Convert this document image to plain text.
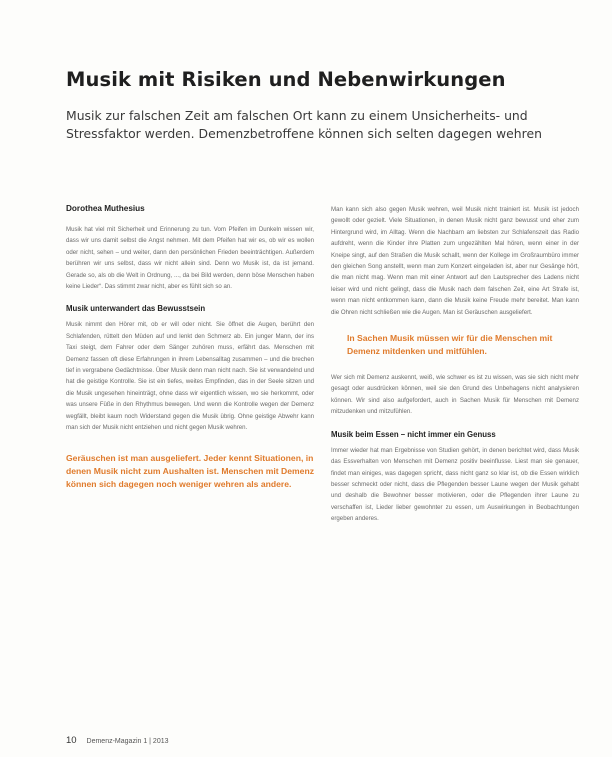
Musik mit Risiken und Nebenwirkungen
Musik zur falschen Zeit am falschen Ort kann zu einem Unsicherheits- und Stressfaktor werden. Demenzbetroffene können sich selten dagegen wehren
Dorothea Muthesius

Musik hat viel mit Sicherheit und Erinnerung zu tun. Vom Pfeifen im Dunkeln wissen wir, dass wir uns damit selbst die Angst nehmen. Mit dem Pfeifen hat wir es, ob wir es wollen oder nicht, sehen – und weiter, dann den persönlichen Frieden beeinträchtigen. Außerdem berühren wir uns selbst, dass wir nicht allein sind. Denn wo Musik ist, da ist jemand. Gerade so, als ob die Welt in Ordnung, ..., da bei Bild werden, denn böse Menschen haben keine Lieder“. Das stimmt zwar nicht, aber es fühlt sich so an.

Musik unterwandert das Bewusstsein

Musik nimmt den Hörer mit, ob er will oder nicht. Sie öffnet die Augen, berührt den Schlafenden, rüttelt den Müden auf und lenkt den Schmerz ab. Ein junger Mann, der ins Taxi steigt, dem Fahrer oder dem Sänger zuhören muss, erfährt das. Menschen mit Demenz fassen oft diese Erfahrungen in ihrem Lebensalltag zusammen – und die brechen tief in vergrabene Gedächtnisse. Über Musik denn man nicht nach. Sie ist verwandelnd und hat die geistige Kontrolle. Sie ist ein tiefes, weites Empfinden, das in der Seele sitzen und die Musik ungesehen hineinträgt, ohne dass wir eigentlich wissen, wo sie herkommt, oder was unsere Füße in den Rhythmus bewegen. Und wenn die Kontrolle wegen der Demenz wegfällt, bleibt kaum noch Widerstand gegen die Musik übrig. Ohne geistige Abwehr kann man sich der Musik nicht entziehen und nicht gegen Musik wehren.

Geräuschen ist man ausgeliefert. Jeder kennt Situationen, in denen Musik nicht zum Aushalten ist. Menschen mit Demenz können sich dagegen noch weniger wehren als andere.

Man kann sich also gegen Musik wehren, weil Musik nicht trainiert ist. Musik ist jedoch gewollt oder gezielt. Viele Situationen, in denen Musik nicht ganz bewusst und eher zum Hintergrund wird, im Alltag. Wenn die Nachbarn am liebsten zur Schlafenszeit das Radio aufdreht, wenn die Kinder ihre Platten zum ungezählten Mal hören, wenn einer in der Kneipe singt, auf den Straßen die Musik schallt, wenn der Kollege im Großraumbüro immer den gleichen Song anstellt, wenn man zum Konzert eingeladen ist, aber nur Gesänge hört, die man nicht mag. Wenn man mit einer Antwort auf den Lautsprecher des Ladens nicht leiser wird und nicht gelingt, dass die Musik nach dem falschen Zeit, eine Art Strafe ist, wenn man nicht entkommen kann, dann die Musik keine Freude mehr bereitet. Man kann die Ohren nicht schließen wie die Augen. Man ist Geräuschen ausgeliefert.

In Sachen Musik müssen wir für die Menschen mit Demenz mitdenken und mitfühlen.

Wer sich mit Demenz auskennt, weiß, wie schwer es ist zu wissen, was sie sich nicht mehr gesagt oder ausdrücken können, weil sie den Grund des Unbehagens nicht analysieren können. Wir sind also aufgefordert, auch in Sachen Musik für Menschen mit Demenz mitzudenken und mitzufühlen.

Musik beim Essen – nicht immer ein Genuss

Immer wieder hat man Ergebnisse von Studien gehört, in denen berichtet wird, dass Musik das Essverhalten von Menschen mit Demenz positiv beeinflusse. Liest man sie genauer, findet man einiges, was dagegen spricht, dass nicht ganz so klar ist, ob die Essen wirklich besser schmeckt oder nicht, dass die Pflegenden besser Laune wegen der Musik gehabt und deshalb die Bewohner besser motivieren, oder die Pflegenden ihrer Laune zu verschaffen ist, Lieder lieber gewohnter zu essen, um Auswirkungen in Beobachtungen ergeben anderes.

10 Demenz-Magazin 1 | 2013
